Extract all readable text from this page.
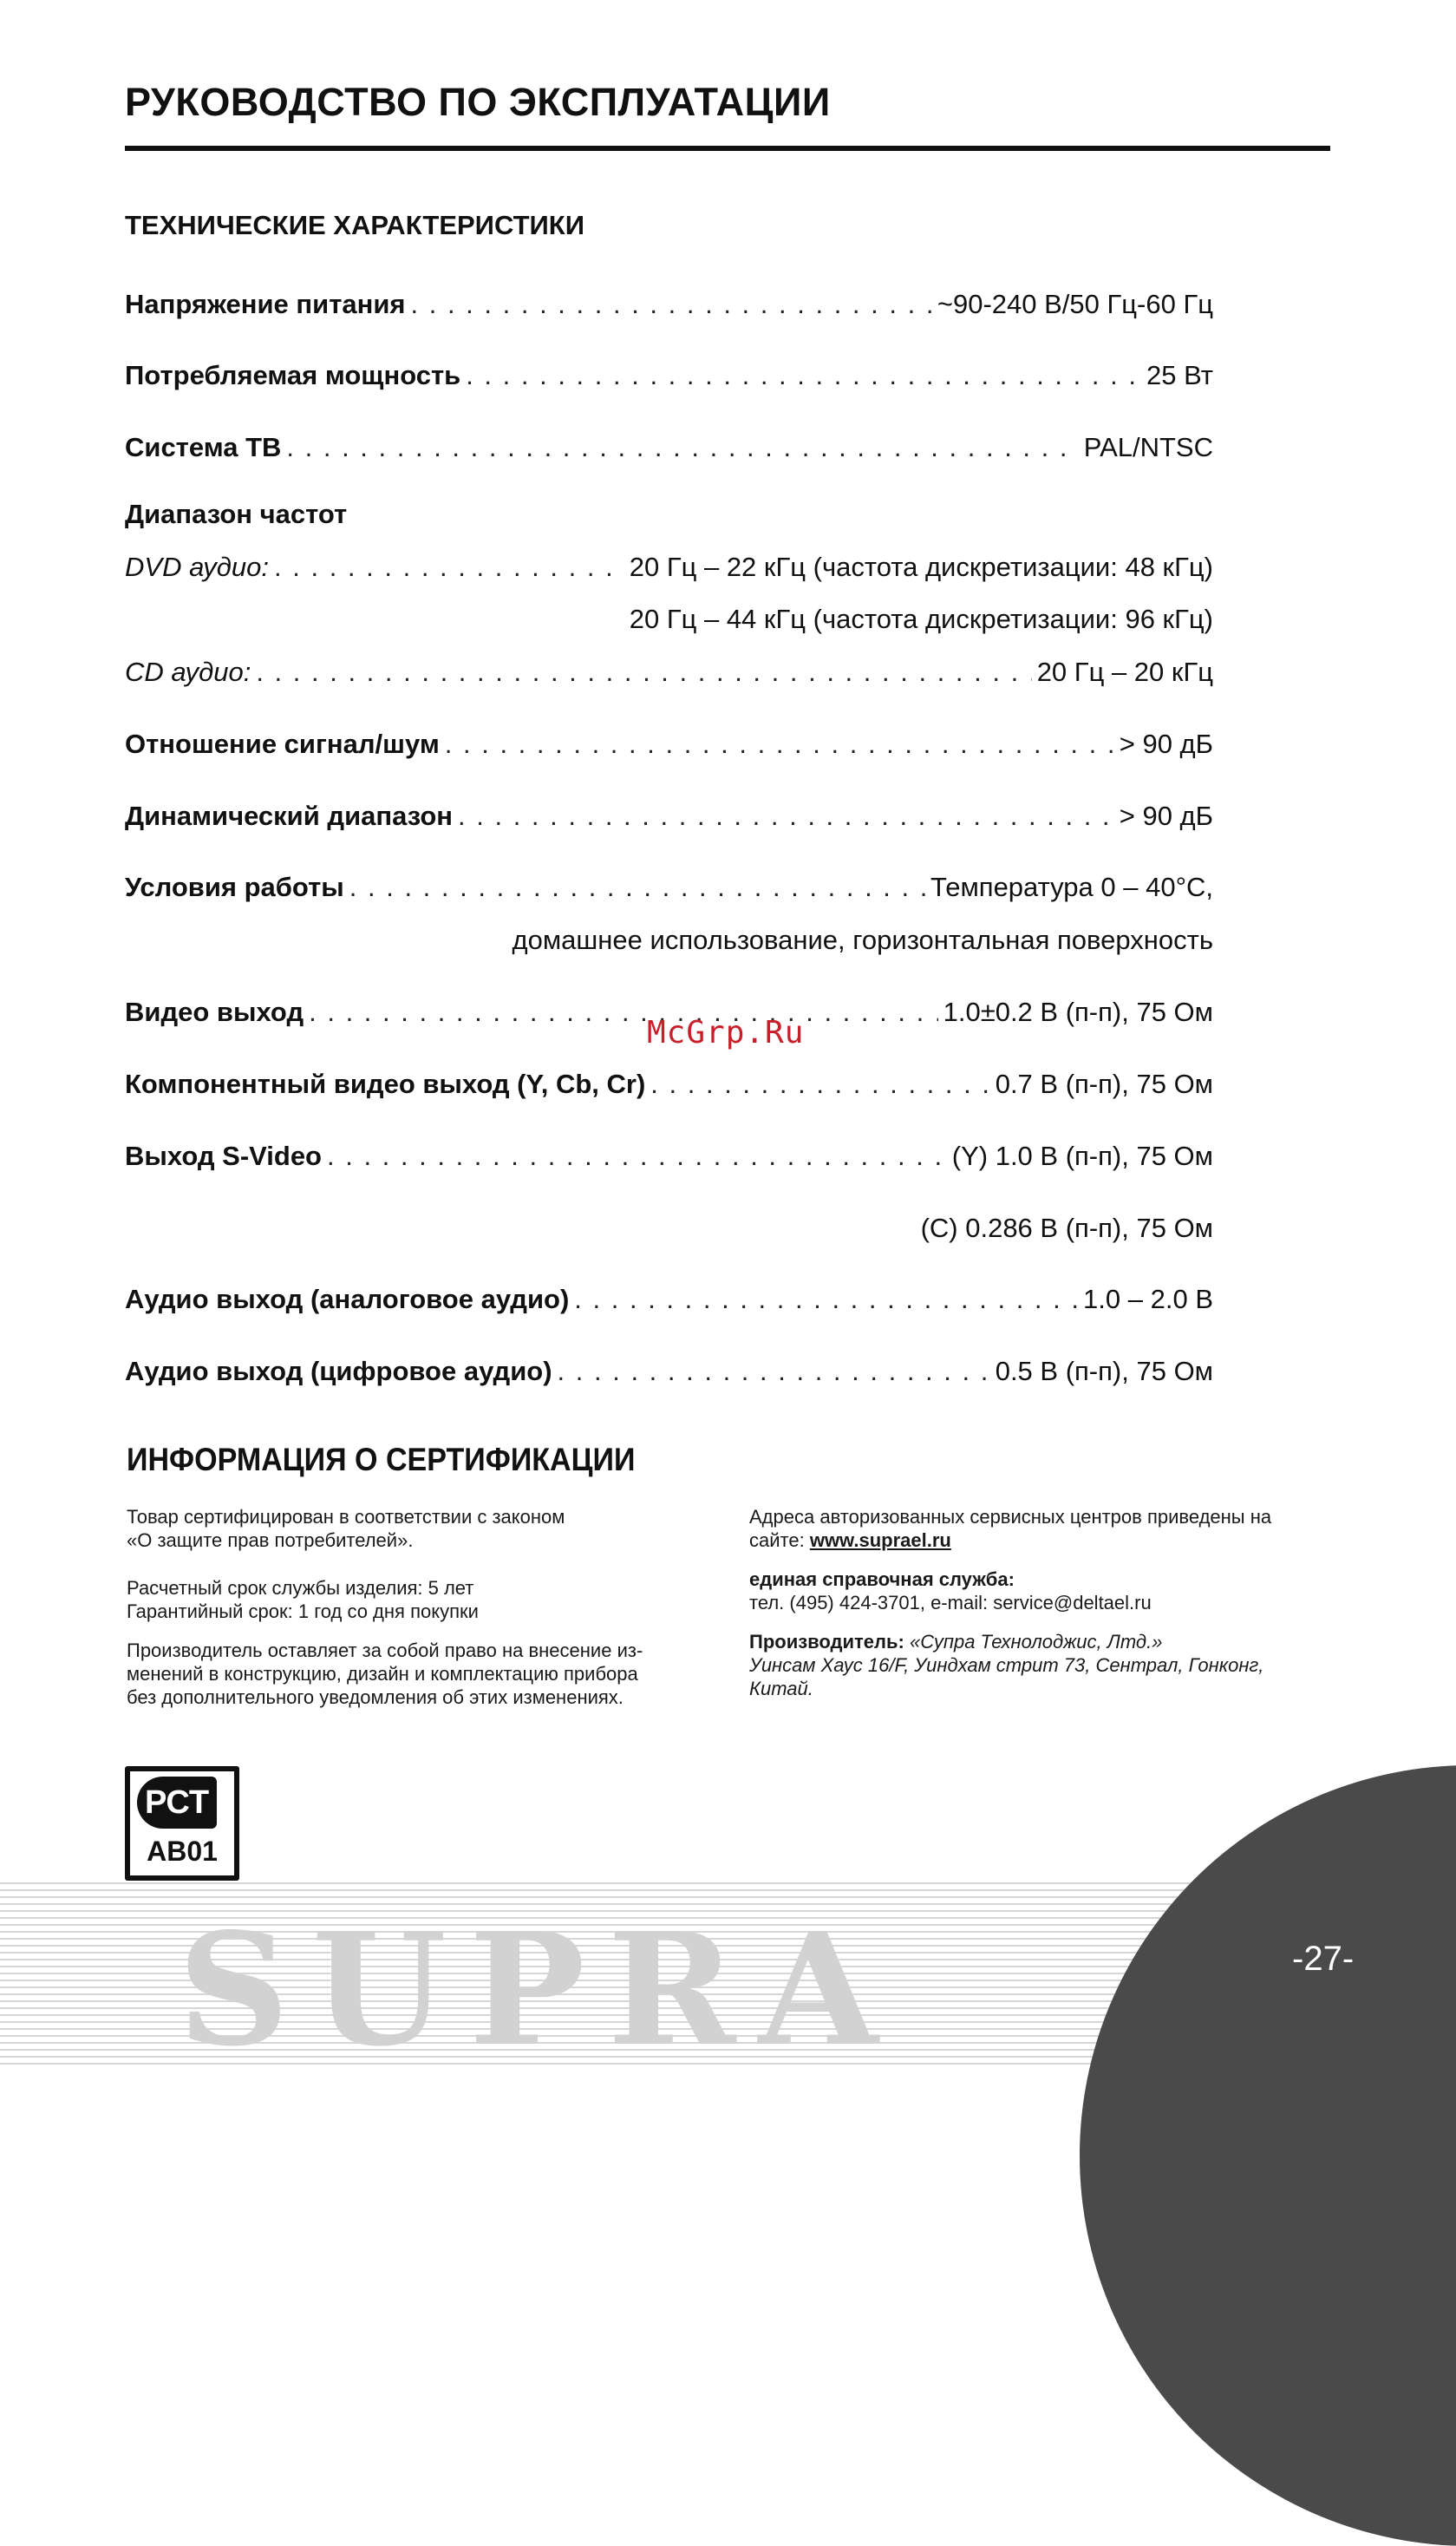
РУКОВОДСТВО ПО ЭКСПЛУАТАЦИИ
ТЕХНИЧЕСКИЕ ХАРАКТЕРИСТИКИ
Напряжение питания . . .	~90-240 В/50 Гц-60 Гц
Потребляемая мощность . . .	25 Вт
Система ТВ . . .	PAL/NTSC
Диапазон частот
DVD аудио: . . .	20 Гц – 22 кГц (частота дискретизации: 48 кГц)
20 Гц – 44 кГц (частота дискретизации: 96 кГц)
CD аудио: . . .	20 Гц – 20 кГц
Отношение сигнал/шум . . .	> 90 дБ
Динамический диапазон . . .	> 90 дБ
Условия работы . . .	Температура 0 – 40°C,
домашнее использование, горизонтальная поверхность
Видео выход . . .	1.0±0.2 В (п-п), 75 Ом
McGrp.Ru
Компонентный видео выход (Y, Cb, Cr) . . .	0.7 В (п-п), 75 Ом
Выход S-Video . . .	(Y) 1.0 В (п-п), 75 Ом
(C) 0.286 В (п-п), 75 Ом
Аудио выход (аналоговое аудио) . . .	1.0 – 2.0 В
Аудио выход (цифровое аудио) . . .	0.5 В (п-п), 75 Ом
ИНФОРМАЦИЯ О СЕРТИФИКАЦИИ

Товар сертифицирован в соответствии с законом

«О защите прав потребителей».

Расчетный срок службы изделия: 5 лет

Гарантийный срок: 1 год со дня покупки

Производитель оставляет за собой право на внесение из-

менений в конструкцию, дизайн и комплектацию прибора

без дополнительного уведомления об этих изменениях.

Адреса авторизованных сервисных центров приведены на

сайте: www.suprael.ru

единая справочная служба:

тел. (495) 424-3701, e-mail: service@deltael.ru

Производитель: «Супра Технолоджис, Лтд.»

Уинсам Хаус 16/F, Уиндхам стрит 73, Сентрал, Гонконг,

Китай.

SUPRA	-27-
РСТ
АВ01
